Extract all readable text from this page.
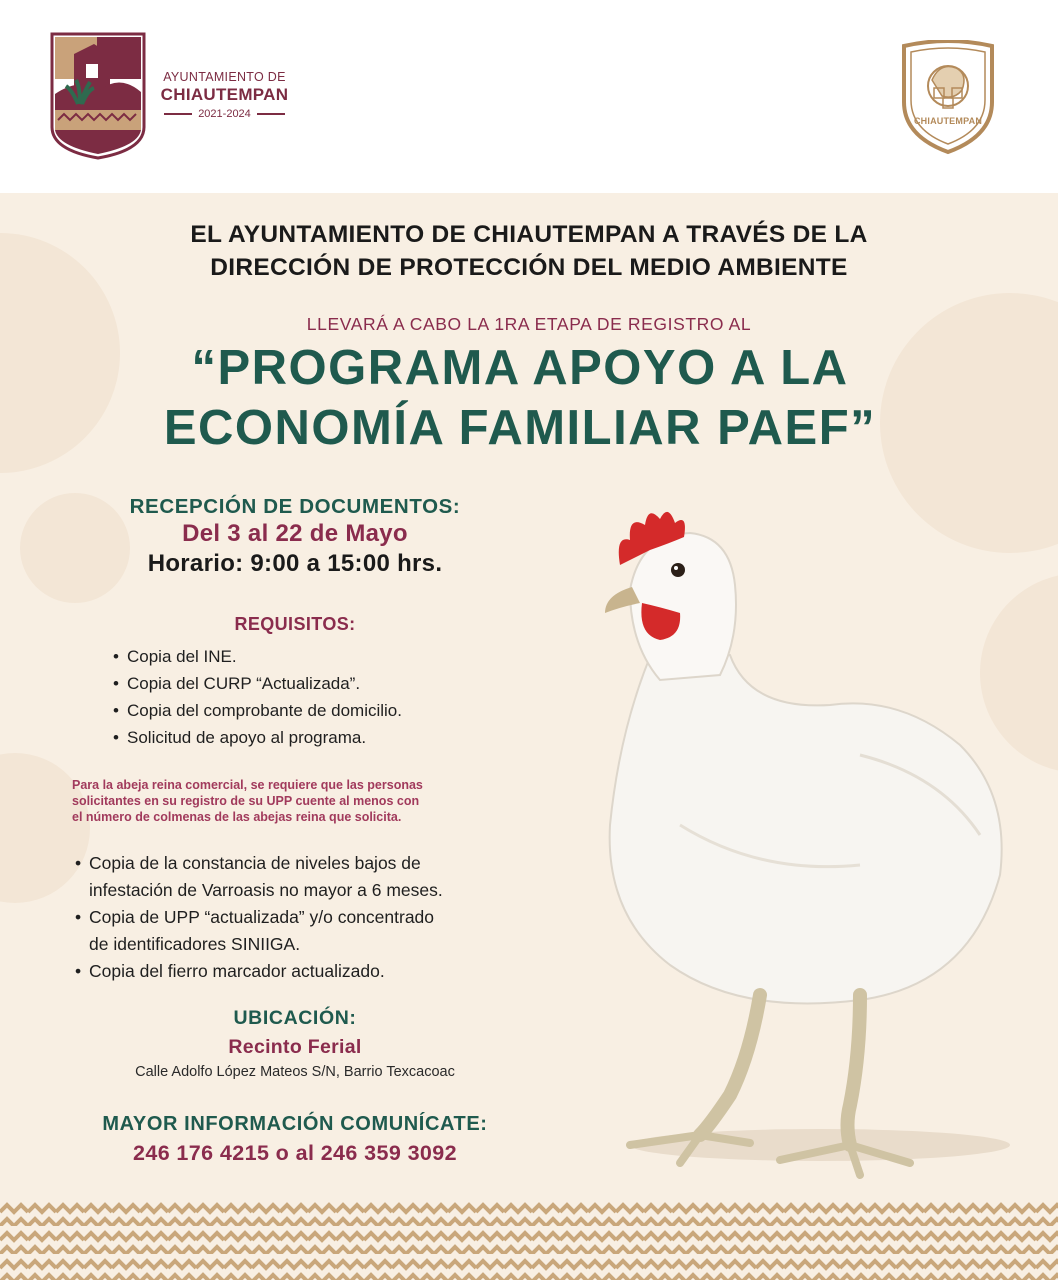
AYUNTAMIENTO DE
CHIAUTEMPAN
2021-2024
CHIAUTEMPAN
EL AYUNTAMIENTO DE CHIAUTEMPAN A TRAVÉS DE LA
DIRECCIÓN DE PROTECCIÓN DEL MEDIO AMBIENTE
LLEVARÁ A CABO LA 1RA ETAPA DE REGISTRO AL
“PROGRAMA APOYO A LA
ECONOMÍA FAMILIAR PAEF”
RECEPCIÓN DE DOCUMENTOS:
Del 3 al 22 de Mayo
Horario: 9:00 a 15:00 hrs.
REQUISITOS:
• Copia del INE.
• Copia del CURP “Actualizada”.
• Copia del comprobante de domicilio.
• Solicitud de apoyo al programa.
Para la abeja reina comercial, se requiere que las personas
solicitantes en su registro de su UPP cuente al menos con
el número de colmenas de las abejas reina que solicita.
• Copia de la constancia de niveles bajos de
infestación de Varroasis no mayor a 6 meses.
• Copia de UPP “actualizada” y/o concentrado
de identificadores SINIIGA.
• Copia del fierro marcador actualizado.
UBICACIÓN:
Recinto Ferial
Calle Adolfo López Mateos S/N, Barrio Texcacoac
MAYOR INFORMACIÓN COMUNÍCATE:
246 176 4215 o al 246 359 3092
